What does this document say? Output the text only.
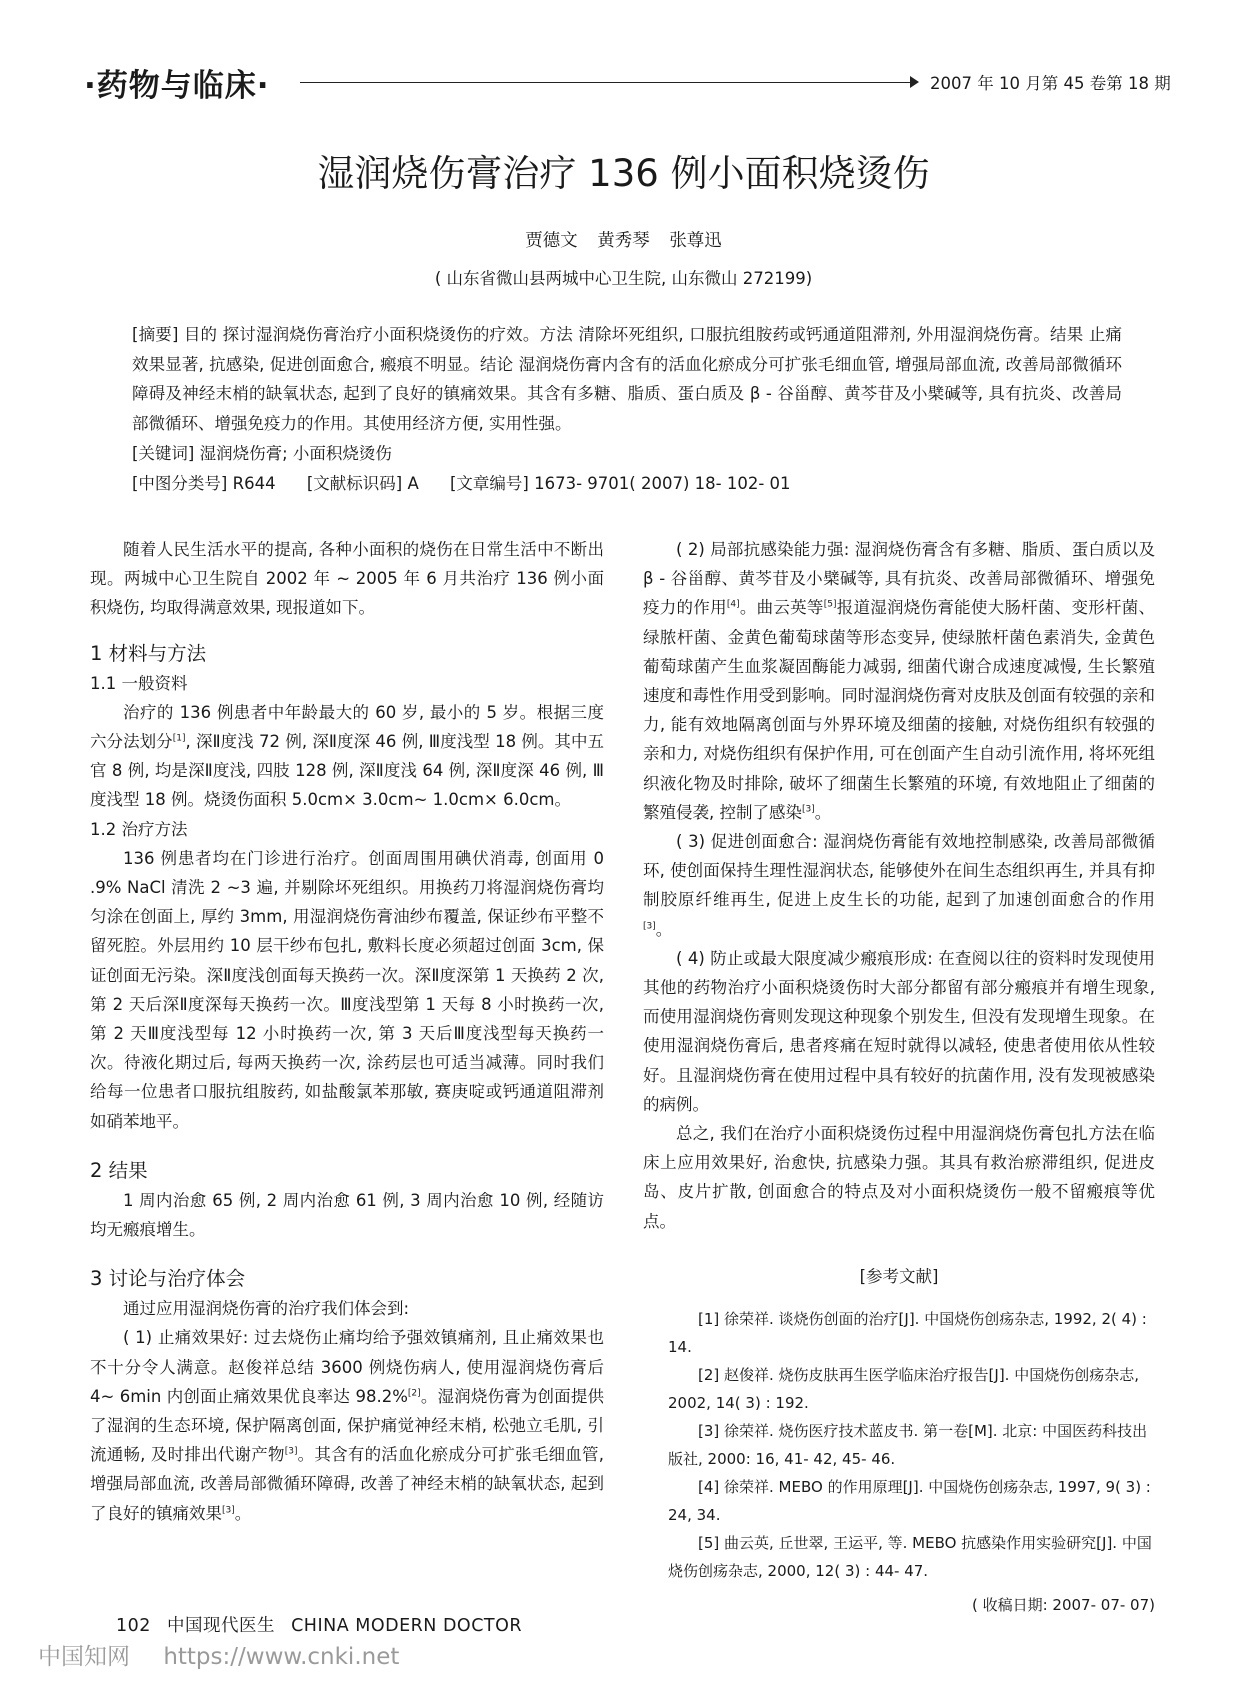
·药物与临床·	2007 年 10 月第 45 卷第 18 期
湿润烧伤膏治疗 136 例小面积烧烫伤
贾德文 黄秀琴 张尊迅
( 山东省微山县两城中心卫生院, 山东微山 272199)

[摘要] 目的 探讨湿润烧伤膏治疗小面积烧烫伤的疗效。方法 清除坏死组织, 口服抗组胺药或钙通道阻滞剂, 外用湿润烧伤膏。结果 止痛效果显著, 抗感染, 促进创面愈合, 瘢痕不明显。结论 湿润烧伤膏内含有的活血化瘀成分可扩张毛细血管, 增强局部血流, 改善局部微循环障碍及神经末梢的缺氧状态, 起到了良好的镇痛效果。其含有多糖、脂质、蛋白质及 β - 谷甾醇、黄芩苷及小檗碱等, 具有抗炎、改善局部微循环、增强免疫力的作用。其使用经济方便, 实用性强。

[关键词] 湿润烧伤膏; 小面积烧烫伤
[中图分类号] R644 [文献标识码] A [文章编号] 1673- 9701( 2007) 18- 102- 01

随着人民生活水平的提高, 各种小面积的烧伤在日常生活中不断出现。两城中心卫生院自 2002 年 ~ 2005 年 6 月共治疗 136 例小面积烧伤, 均取得满意效果, 现报道如下。

1 材料与方法
1.1 一般资料

治疗的 136 例患者中年龄最大的 60 岁, 最小的 5 岁。根据三度六分法划分[1], 深Ⅱ度浅 72 例, 深Ⅱ度深 46 例, Ⅲ度浅型 18 例。其中五官 8 例, 均是深Ⅱ度浅, 四肢 128 例, 深Ⅱ度浅 64 例, 深Ⅱ度深 46 例, Ⅲ度浅型 18 例。烧烫伤面积 5.0cm× 3.0cm~ 1.0cm× 6.0cm。

1.2 治疗方法

136 例患者均在门诊进行治疗。创面周围用碘伏消毒, 创面用 0 .9% NaCl 清洗 2 ~3 遍, 并剔除坏死组织。用换药刀将湿润烧伤膏均匀涂在创面上, 厚约 3mm, 用湿润烧伤膏油纱布覆盖, 保证纱布平整不留死腔。外层用约 10 层干纱布包扎, 敷料长度必须超过创面 3cm, 保证创面无污染。深Ⅱ度浅创面每天换药一次。深Ⅱ度深第 1 天换药 2 次, 第 2 天后深Ⅱ度深每天换药一次。Ⅲ度浅型第 1 天每 8 小时换药一次, 第 2 天Ⅲ度浅型每 12 小时换药一次, 第 3 天后Ⅲ度浅型每天换药一次。待液化期过后, 每两天换药一次, 涂药层也可适当减薄。同时我们给每一位患者口服抗组胺药, 如盐酸氯苯那敏, 赛庚啶或钙通道阻滞剂如硝苯地平。

2 结果

1 周内治愈 65 例, 2 周内治愈 61 例, 3 周内治愈 10 例, 经随访均无瘢痕增生。

3 讨论与治疗体会

通过应用湿润烧伤膏的治疗我们体会到:

( 1) 止痛效果好: 过去烧伤止痛均给予强效镇痛剂, 且止痛效果也不十分令人满意。赵俊祥总结 3600 例烧伤病人, 使用湿润烧伤膏后 4~ 6min 内创面止痛效果优良率达 98.2%[2]。湿润烧伤膏为创面提供了湿润的生态环境, 保护隔离创面, 保护痛觉神经末梢, 松弛立毛肌, 引流通畅, 及时排出代谢产物[3]。其含有的活血化瘀成分可扩张毛细血管, 增强局部血流, 改善局部微循环障碍, 改善了神经末梢的缺氧状态, 起到了良好的镇痛效果[3]。

( 2) 局部抗感染能力强: 湿润烧伤膏含有多糖、脂质、蛋白质以及 β - 谷甾醇、黄芩苷及小檗碱等, 具有抗炎、改善局部微循环、增强免疫力的作用[4]。曲云英等[5]报道湿润烧伤膏能使大肠杆菌、变形杆菌、绿脓杆菌、金黄色葡萄球菌等形态变异, 使绿脓杆菌色素消失, 金黄色葡萄球菌产生血浆凝固酶能力减弱, 细菌代谢合成速度减慢, 生长繁殖速度和毒性作用受到影响。同时湿润烧伤膏对皮肤及创面有较强的亲和力, 能有效地隔离创面与外界环境及细菌的接触, 对烧伤组织有较强的亲和力, 对烧伤组织有保护作用, 可在创面产生自动引流作用, 将坏死组织液化物及时排除, 破坏了细菌生长繁殖的环境, 有效地阻止了细菌的繁殖侵袭, 控制了感染[3]。

( 3) 促进创面愈合: 湿润烧伤膏能有效地控制感染, 改善局部微循环, 使创面保持生理性湿润状态, 能够使外在间生态组织再生, 并具有抑制胶原纤维再生, 促进上皮生长的功能, 起到了加速创面愈合的作用[3]。

( 4) 防止或最大限度减少瘢痕形成: 在查阅以往的资料时发现使用其他的药物治疗小面积烧烫伤时大部分都留有部分瘢痕并有增生现象, 而使用湿润烧伤膏则发现这种现象个别发生, 但没有发现增生现象。在使用湿润烧伤膏后, 患者疼痛在短时就得以减轻, 使患者使用依从性较好。且湿润烧伤膏在使用过程中具有较好的抗菌作用, 没有发现被感染的病例。

总之, 我们在治疗小面积烧烫伤过程中用湿润烧伤膏包扎方法在临床上应用效果好, 治愈快, 抗感染力强。其具有救治瘀滞组织, 促进皮岛、皮片扩散, 创面愈合的特点及对小面积烧烫伤一般不留瘢痕等优点。

[参考文献]

[1] 徐荣祥. 谈烧伤创面的治疗[J]. 中国烧伤创疡杂志, 1992, 2( 4) : 14.

[2] 赵俊祥. 烧伤皮肤再生医学临床治疗报告[J]. 中国烧伤创疡杂志, 2002, 14( 3) : 192.

[3] 徐荣祥. 烧伤医疗技术蓝皮书. 第一卷[M]. 北京: 中国医药科技出版社, 2000: 16, 41- 42, 45- 46.

[4] 徐荣祥. MEBO 的作用原理[J]. 中国烧伤创疡杂志, 1997, 9( 3) : 24, 34.

[5] 曲云英, 丘世翠, 王运平, 等. MEBO 抗感染作用实验研究[J]. 中国烧伤创疡杂志, 2000, 12( 3) : 44- 47.

( 收稿日期: 2007- 07- 07)
102 中国现代医生 CHINA MODERN DOCTOR
中国知网 https://www.cnki.net
